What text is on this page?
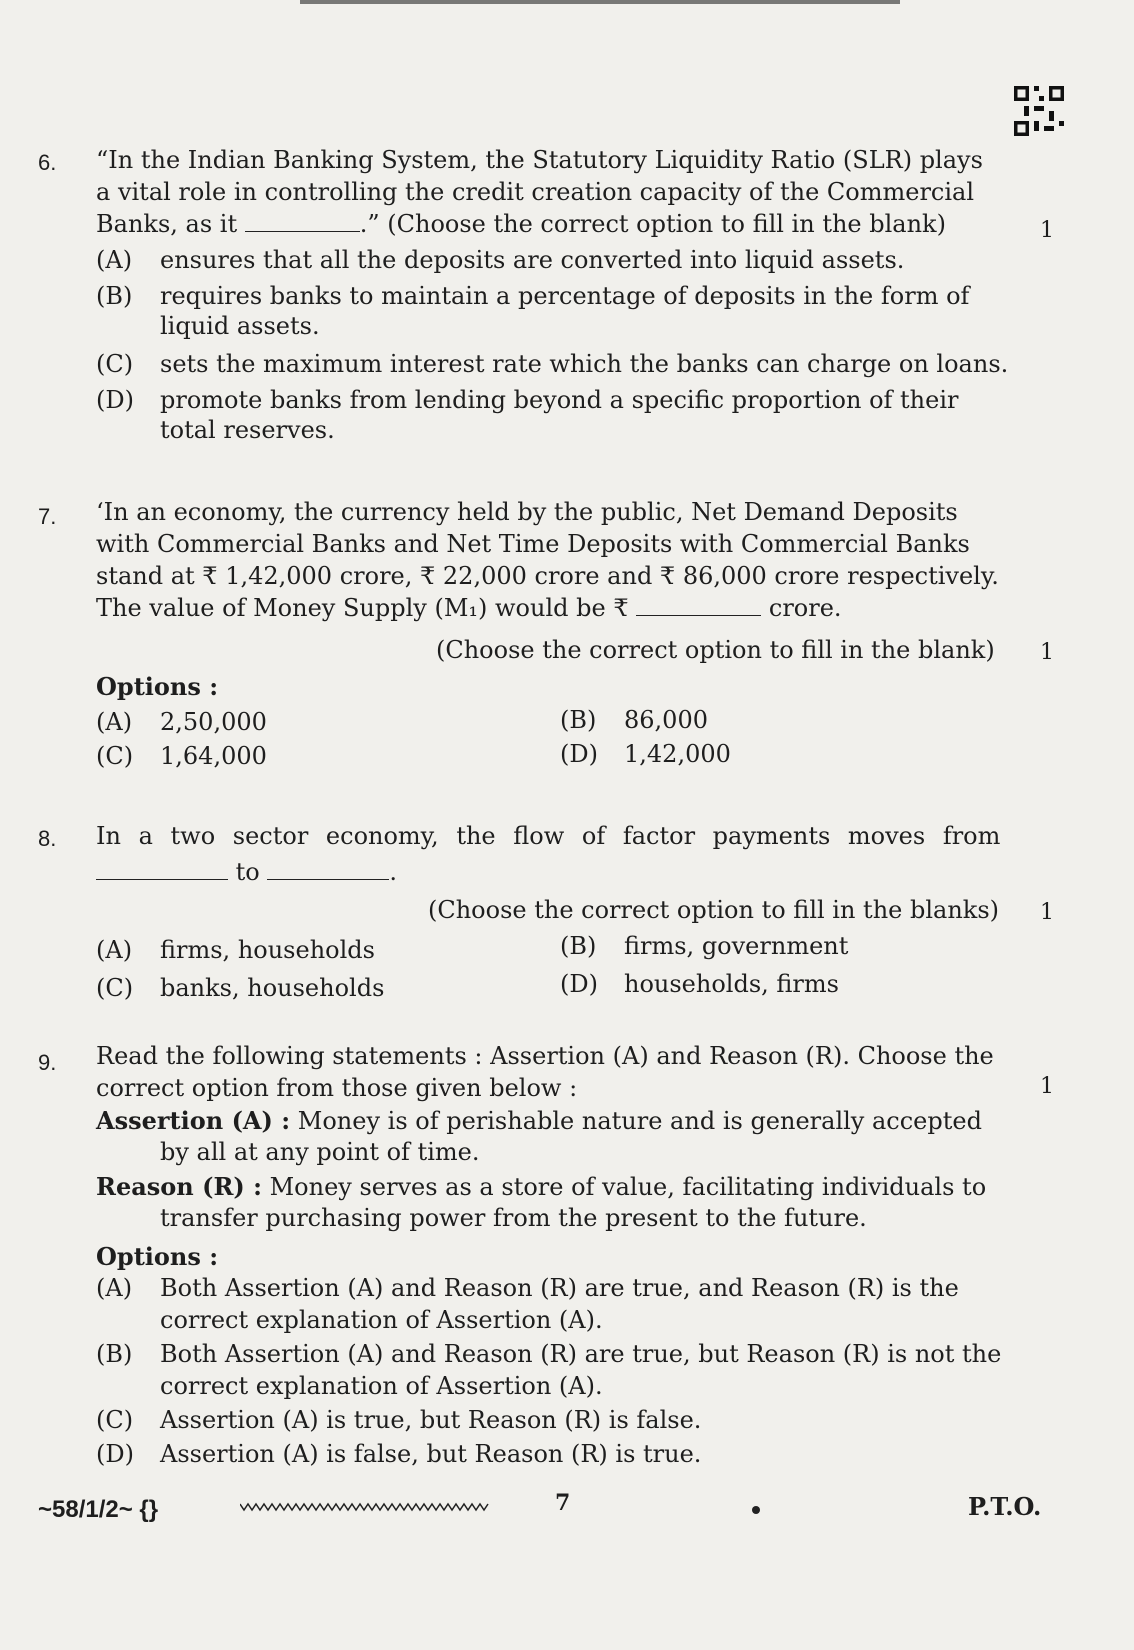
6. “In the Indian Banking System, the Statutory Liquidity Ratio (SLR) plays
a vital role in controlling the credit creation capacity of the Commercial
Banks, as it	.” (Choose the correct option to fill in the blank)	1
(A) ensures that all the deposits are converted into liquid assets.
(B) requires banks to maintain a percentage of deposits in the form of
liquid assets.
(C) sets the maximum interest rate which the banks can charge on loans.
(D) promote banks from lending beyond a specific proportion of their
total reserves.
7. ‘In an economy, the currency held by the public, Net Demand Deposits
with Commercial Banks and Net Time Deposits with Commercial Banks
stand at ₹ 1,42,000 crore, ₹ 22,000 crore and ₹ 86,000 crore respectively.
The value of Money Supply (M₁) would be ₹	crore.
(Choose the correct option to fill in the blank) 1
Options :
(A) 2,50,000	(B) 86,000
(C) 1,64,000	(D) 1,42,000
8. In a two sector economy, the flow of factor payments moves from
to	.
(Choose the correct option to fill in the blanks) 1
(A) firms, households	(B) firms, government
(C) banks, households	(D) households, firms
9. Read the following statements : Assertion (A) and Reason (R). Choose the
correct option from those given below :	1
Assertion (A) : Money is of perishable nature and is generally accepted
by all at any point of time.
Reason (R) : Money serves as a store of value, facilitating individuals to
transfer purchasing power from the present to the future.
Options :
(A) Both Assertion (A) and Reason (R) are true, and Reason (R) is the
correct explanation of Assertion (A).
(B) Both Assertion (A) and Reason (R) are true, but Reason (R) is not the
correct explanation of Assertion (A).
(C) Assertion (A) is true, but Reason (R) is false.
(D) Assertion (A) is false, but Reason (R) is true.
~58/1/2~ {}	7	P.T.O.
